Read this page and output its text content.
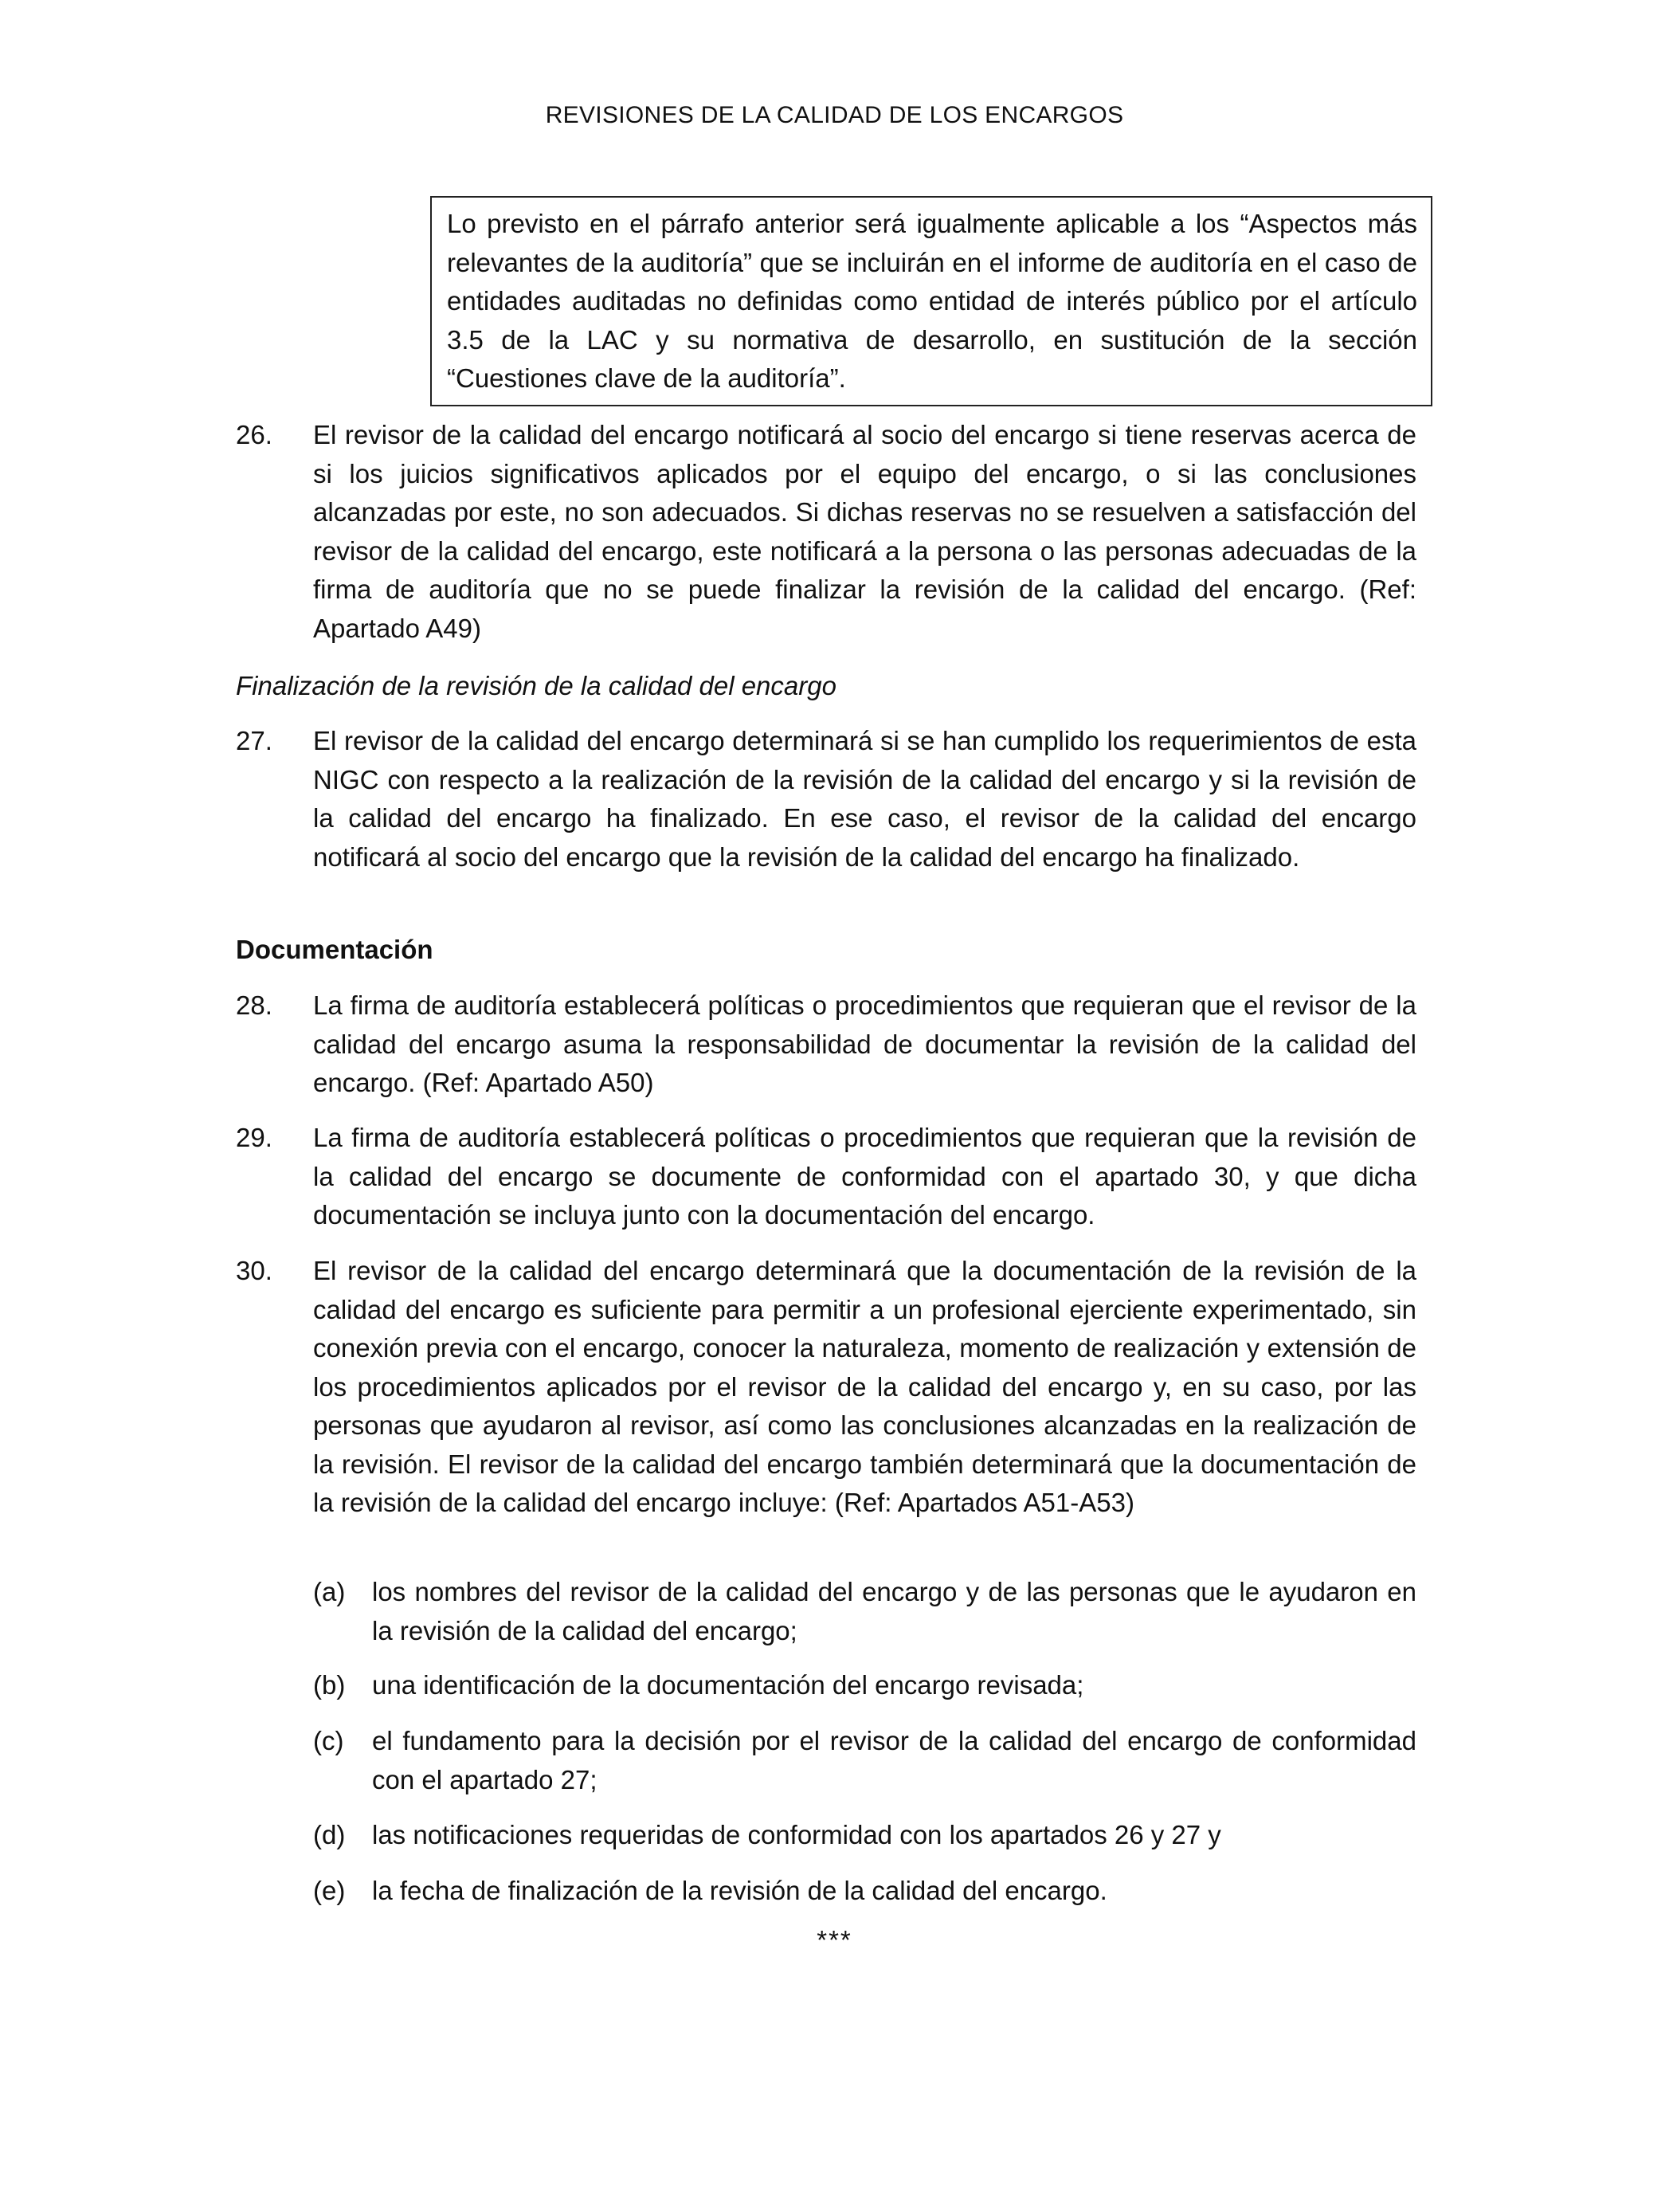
REVISIONES DE LA CALIDAD DE LOS ENCARGOS
Lo previsto en el párrafo anterior será igualmente aplicable a los “Aspectos más relevantes de la auditoría” que se incluirán en el informe de auditoría en el caso de entidades auditadas no definidas como entidad de interés público por el artículo 3.5 de la LAC y su normativa de desarrollo, en sustitución de la sección “Cuestiones clave de la auditoría”.
26.	El revisor de la calidad del encargo notificará al socio del encargo si tiene reservas acerca de si los juicios significativos aplicados por el equipo del encargo, o si las conclusiones alcanzadas por este, no son adecuados. Si dichas reservas no se resuelven a satisfacción del revisor de la calidad del encargo, este notificará a la persona o las personas adecuadas de la firma de auditoría que no se puede finalizar la revisión de la calidad del encargo. (Ref: Apartado A49)
Finalización de la revisión de la calidad del encargo
27.	El revisor de la calidad del encargo determinará si se han cumplido los requerimientos de esta NIGC con respecto a la realización de la revisión de la calidad del encargo y si la revisión de la calidad del encargo ha finalizado. En ese caso, el revisor de la calidad del encargo notificará al socio del encargo que la revisión de la calidad del encargo ha finalizado.
Documentación
28.	La firma de auditoría establecerá políticas o procedimientos que requieran que el revisor de la calidad del encargo asuma la responsabilidad de documentar la revisión de la calidad del encargo. (Ref: Apartado A50)
29.	La firma de auditoría establecerá políticas o procedimientos que requieran que la revisión de la calidad del encargo se documente de conformidad con el apartado 30, y que dicha documentación se incluya junto con la documentación del encargo.
30.	El revisor de la calidad del encargo determinará que la documentación de la revisión de la calidad del encargo es suficiente para permitir a un profesional ejerciente experimentado, sin conexión previa con el encargo, conocer la naturaleza, momento de realización y extensión de los procedimientos aplicados por el revisor de la calidad del encargo y, en su caso, por las personas que ayudaron al revisor, así como las conclusiones alcanzadas en la realización de la revisión. El revisor de la calidad del encargo también determinará que la documentación de la revisión de la calidad del encargo incluye: (Ref: Apartados A51-A53)
(a)	los nombres del revisor de la calidad del encargo y de las personas que le ayudaron en la revisión de la calidad del encargo;
(b)	una identificación de la documentación del encargo revisada;
(c)	el fundamento para la decisión por el revisor de la calidad del encargo de conformidad con el apartado 27;
(d)	las notificaciones requeridas de conformidad con los apartados 26 y 27 y
(e)	la fecha de finalización de la revisión de la calidad del encargo.
***
